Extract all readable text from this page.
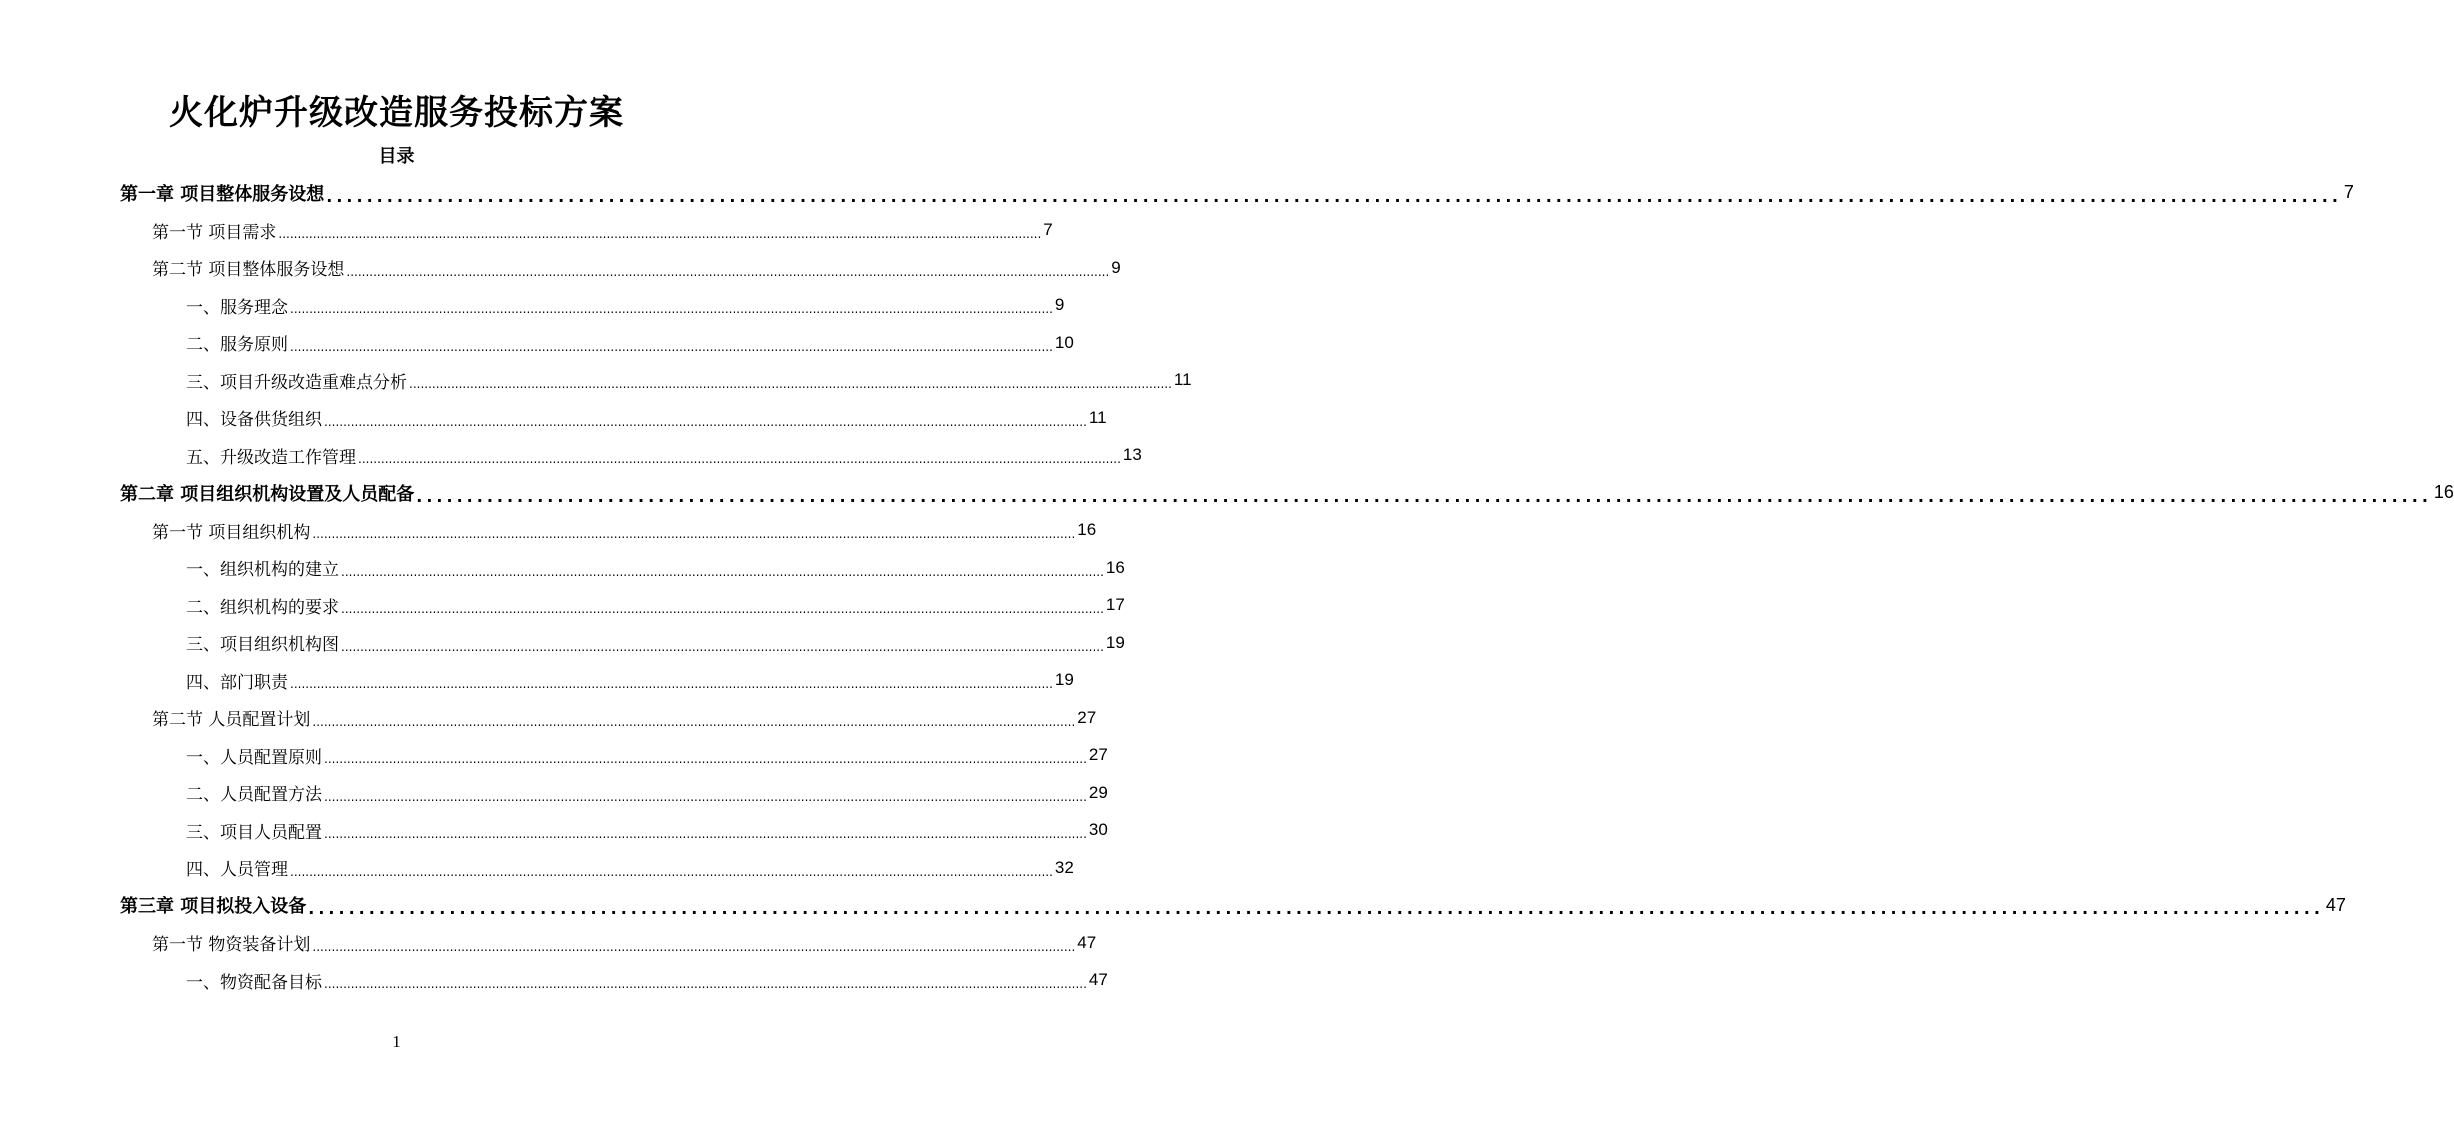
火化炉升级改造服务投标方案
目录
第一章 项目整体服务设想 ........................................................................................................................................................................................................ 7
第一节 项目需求 ........................................................................................................................................................................................................ 7
第二节 项目整体服务设想 ........................................................................................................................................................................................................ 9
一、服务理念 ........................................................................................................................................................................................................ 9
二、服务原则 ........................................................................................................................................................................................................ 10
三、项目升级改造重难点分析 ........................................................................................................................................................................................................ 11
四、设备供货组织 ........................................................................................................................................................................................................ 11
五、升级改造工作管理 ........................................................................................................................................................................................................ 13
第二章 项目组织机构设置及人员配备 ........................................................................................................................................................................................................ 16
第一节 项目组织机构 ........................................................................................................................................................................................................ 16
一、组织机构的建立 ........................................................................................................................................................................................................ 16
二、组织机构的要求 ........................................................................................................................................................................................................ 17
三、项目组织机构图 ........................................................................................................................................................................................................ 19
四、部门职责 ........................................................................................................................................................................................................ 19
第二节 人员配置计划 ........................................................................................................................................................................................................ 27
一、人员配置原则 ........................................................................................................................................................................................................ 27
二、人员配置方法 ........................................................................................................................................................................................................ 29
三、项目人员配置 ........................................................................................................................................................................................................ 30
四、人员管理 ........................................................................................................................................................................................................ 32
第三章 项目拟投入设备 ........................................................................................................................................................................................................ 47
第一节 物资装备计划 ........................................................................................................................................................................................................ 47
一、物资配备目标 ........................................................................................................................................................................................................ 47
1
